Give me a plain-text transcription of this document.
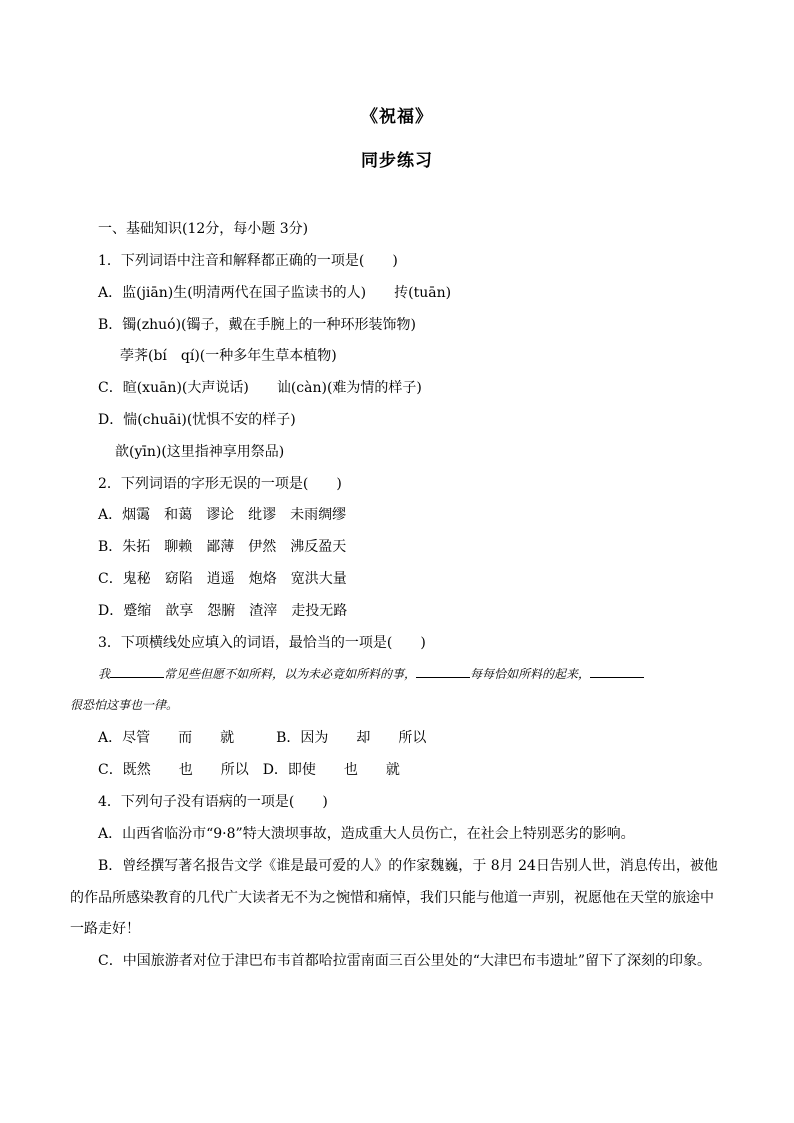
《祝福》
同步练习
一、基础知识(12分，每小题 3分)
1．下列词语中注音和解释都正确的一项是(　　)
A．监(jiān)生(明清两代在国子监读书的人)　　抟(tuān)
B．镯(zhuó)(镯子，戴在手腕上的一种环形装饰物)
荸荠(bí　qí)(一种多年生草本植物)
C．暄(xuān)(大声说话)　　讪(càn)(难为情的样子)
D．惴(chuāi)(忧惧不安的样子)
歆(yīn)(这里指神享用祭品)
2．下列词语的字形无误的一项是(　　)
A．烟霭　和蔼　谬论　纰谬　未雨绸缪
B．朱拓　聊赖　鄙薄　伊然　沸反盈天
C．鬼秘　窈陷　逍遥　炮烙　宽洪大量
D．蹙缩　歆享　怨腑　渣滓　走投无路
3．下项横线处应填入的词语，最恰当的一项是(　　)
我	常见些但愿不如所料，以为未必竟如所料的事，	每每恰如所料的起来，
很恐怕这事也一律。
A．尽管　　而　　就　　　B．因为　　却　　所以
C．既然　　也　　所以　D．即使　　也　　就
4．下列句子没有语病的一项是(　　)
A．山西省临汾市“9·8”特大溃坝事故，造成重大人员伤亡，在社会上特别恶劣的影响。
B．曾经撰写著名报告文学《谁是最可爱的人》的作家魏巍，于 8月 24日告别人世，消息传出，被他
的作品所感染教育的几代广大读者无不为之惋惜和痛悼，我们只能与他道一声别，祝愿他在天堂的旅途中
一路走好！
C．中国旅游者对位于津巴布韦首都哈拉雷南面三百公里处的“大津巴布韦遗址”留下了深刻的印象。
